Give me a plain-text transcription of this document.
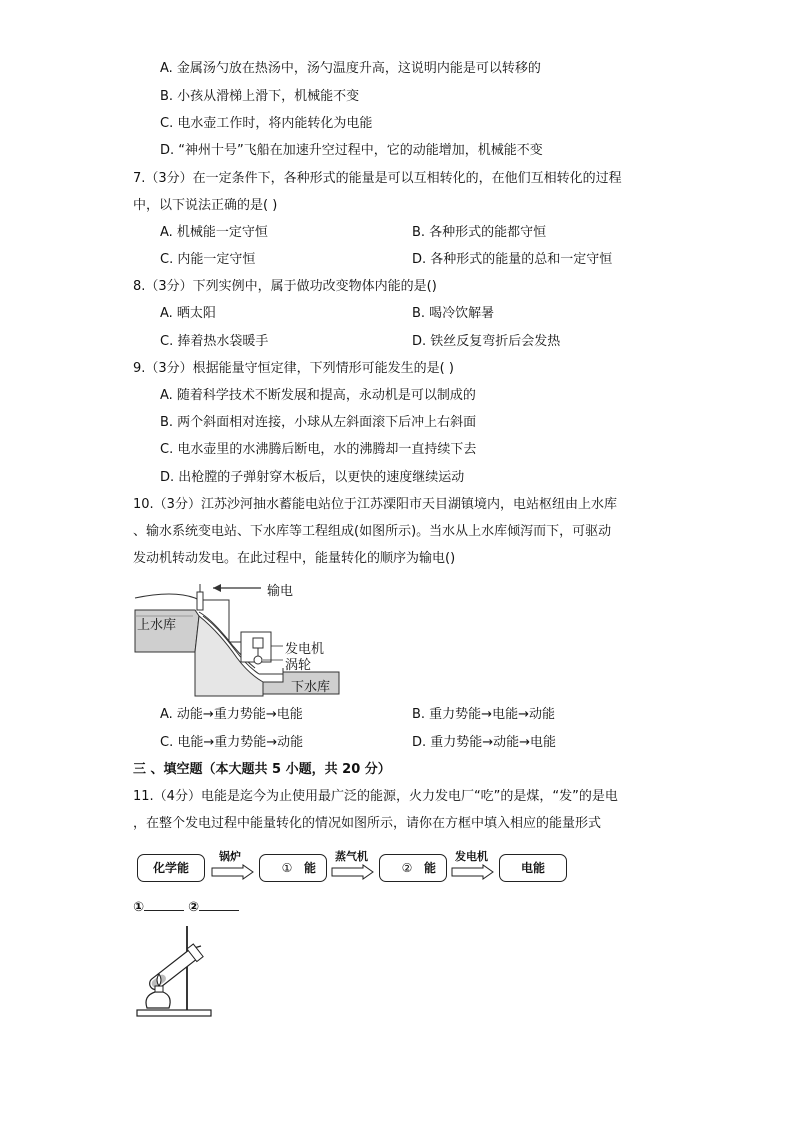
A. 金属汤勺放在热汤中，汤勺温度升高，这说明内能是可以转移的
B. 小孩从滑梯上滑下，机械能不变
C. 电水壶工作时，将内能转化为电能
D. “神州十号”飞船在加速升空过程中，它的动能增加，机械能不变
7.（3分）在一定条件下，各种形式的能量是可以互相转化的，在他们互相转化的过程
中，以下说法正确的是( )
A. 机械能一定守恒	B. 各种形式的能都守恒
C. 内能一定守恒	D. 各种形式的能量的总和一定守恒
8.（3分）下列实例中，属于做功改变物体内能的是()
A. 晒太阳	B. 喝冷饮解暑
C. 捧着热水袋暖手	D. 铁丝反复弯折后会发热
9.（3分）根据能量守恒定律，下列情形可能发生的是( )
A. 随着科学技术不断发展和提高，永动机是可以制成的
B. 两个斜面相对连接，小球从左斜面滚下后冲上右斜面
C. 电水壶里的水沸腾后断电，水的沸腾却一直持续下去
D. 出枪膛的子弹射穿木板后，以更快的速度继续运动
10.（3分）江苏沙河抽水蓄能电站位于江苏溧阳市天目湖镇境内，电站枢纽由上水库
、输水系统变电站、下水库等工程组成(如图所示)。当水从上水库倾泻而下，可驱动
发动机转动发电。在此过程中，能量转化的顺序为输电()
输电
上水库
发电机
涡轮
下水库
A. 动能→重力势能→电能	B. 重力势能→电能→动能
C. 电能→重力势能→动能	D. 重力势能→动能→电能
三 、填空题（本大题共 5 小题，共 20 分）
11.（4分）电能是迄今为止使用最广泛的能源，火力发电厂“吃”的是煤，“发”的是电
，在整个发电过程中能量转化的情况如图所示，请你在方框中填入相应的能量形式
化学能
锅炉
① 能
蒸气机
② 能
发电机
电能
①	②
